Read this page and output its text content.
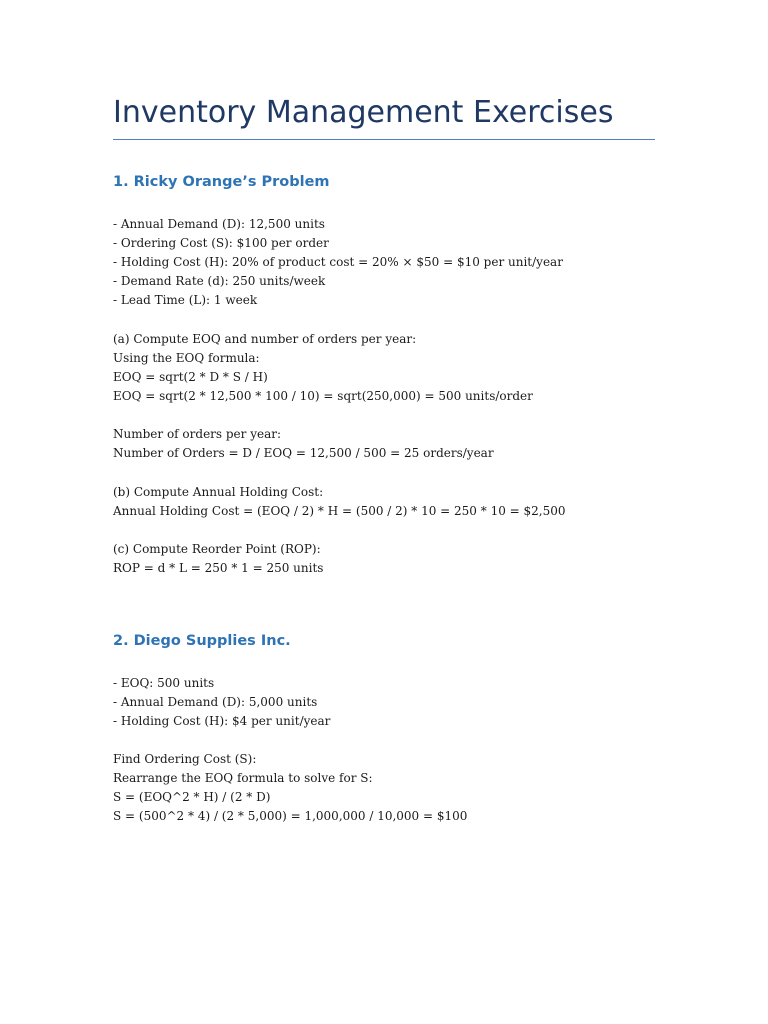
Inventory Management Exercises
1. Ricky Orange’s Problem
- Annual Demand (D): 12,500 units
- Ordering Cost (S): $100 per order
- Holding Cost (H): 20% of product cost = 20% × $50 = $10 per unit/year
- Demand Rate (d): 250 units/week
- Lead Time (L): 1 week
(a) Compute EOQ and number of orders per year:
Using the EOQ formula:
EOQ = sqrt(2 * D * S / H)
EOQ = sqrt(2 * 12,500 * 100 / 10) = sqrt(250,000) = 500 units/order
Number of orders per year:
Number of Orders = D / EOQ = 12,500 / 500 = 25 orders/year
(b) Compute Annual Holding Cost:
Annual Holding Cost = (EOQ / 2) * H = (500 / 2) * 10 = 250 * 10 = $2,500
(c) Compute Reorder Point (ROP):
ROP = d * L = 250 * 1 = 250 units
2. Diego Supplies Inc.
- EOQ: 500 units
- Annual Demand (D): 5,000 units
- Holding Cost (H): $4 per unit/year
Find Ordering Cost (S):
Rearrange the EOQ formula to solve for S:
S = (EOQ^2 * H) / (2 * D)
S = (500^2 * 4) / (2 * 5,000) = 1,000,000 / 10,000 = $100
